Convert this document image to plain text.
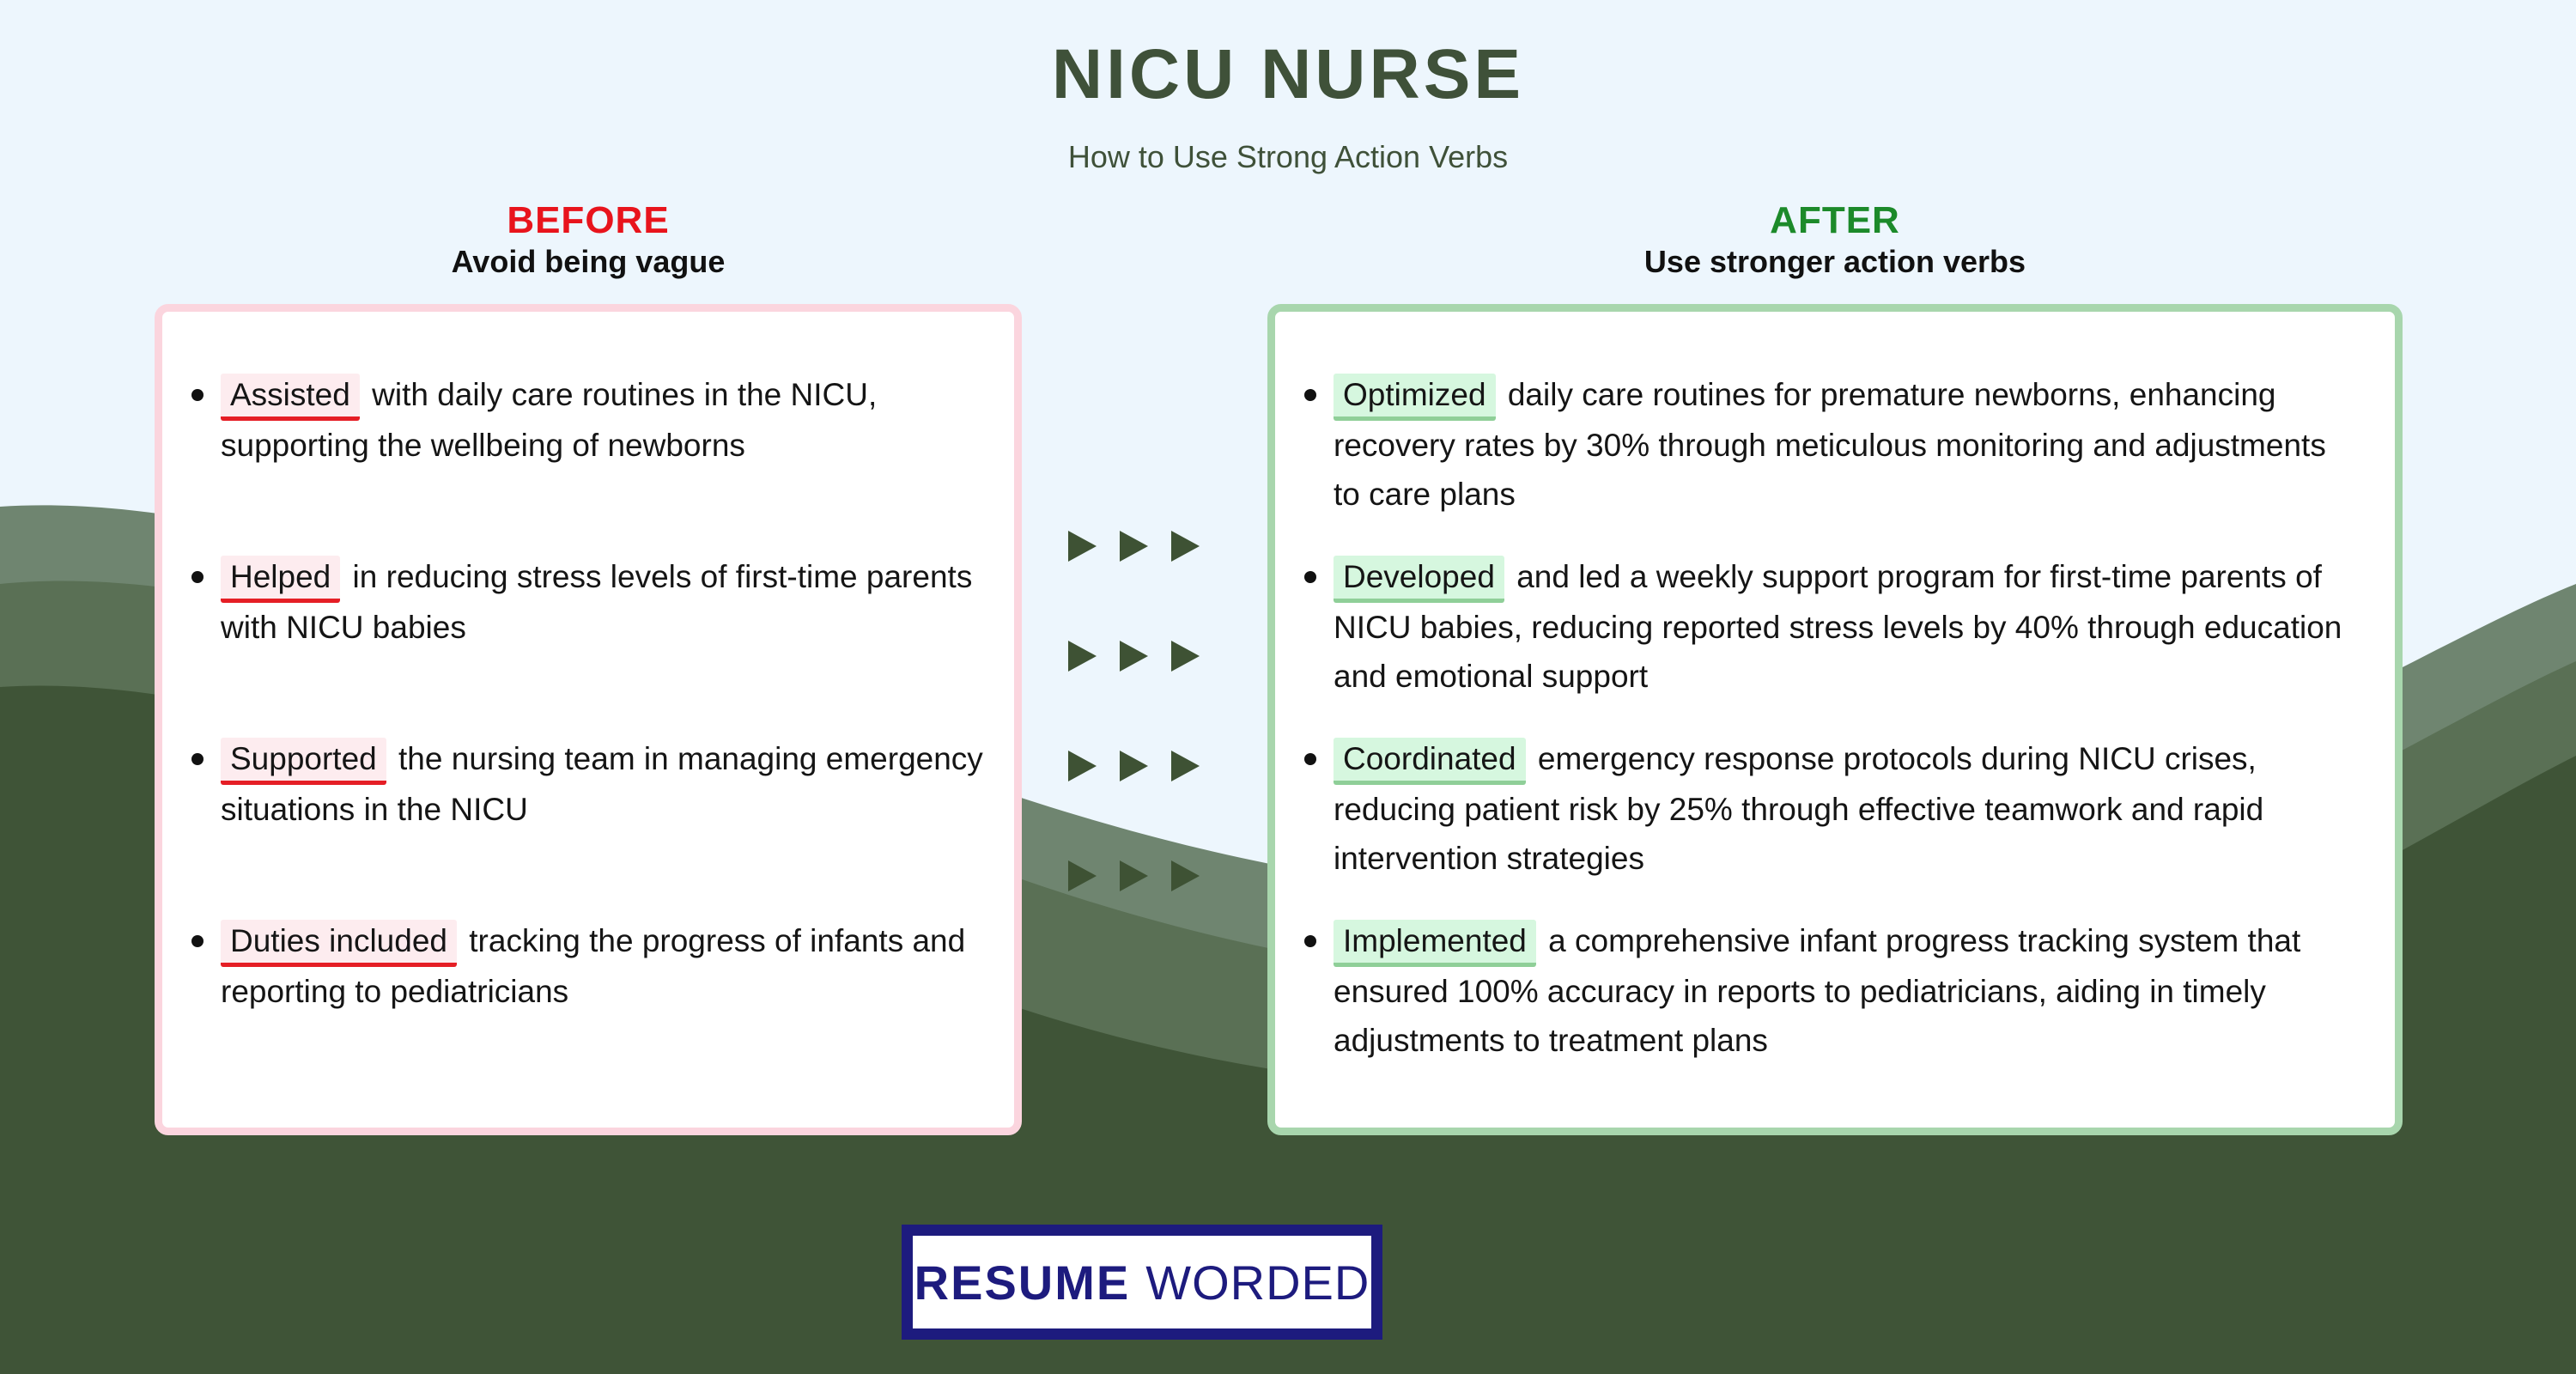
NICU NURSE
How to Use Strong Action Verbs
BEFORE
Avoid being vague
AFTER
Use stronger action verbs
Assisted with daily care routines in the NICU, supporting the wellbeing of newborns
Helped in reducing stress levels of first-time parents with NICU babies
Supported the nursing team in managing emergency situations in the NICU
Duties included tracking the progress of infants and reporting to pediatricians
Optimized daily care routines for premature newborns, enhancing recovery rates by 30% through meticulous monitoring and adjustments to care plans
Developed and led a weekly support program for first-time parents of NICU babies, reducing reported stress levels by 40% through education and emotional support
Coordinated emergency response protocols during NICU crises, reducing patient risk by 25% through effective teamwork and rapid intervention strategies
Implemented a comprehensive infant progress tracking system that ensured 100% accuracy in reports to pediatricians, aiding in timely adjustments to treatment plans
RESUME WORDED
